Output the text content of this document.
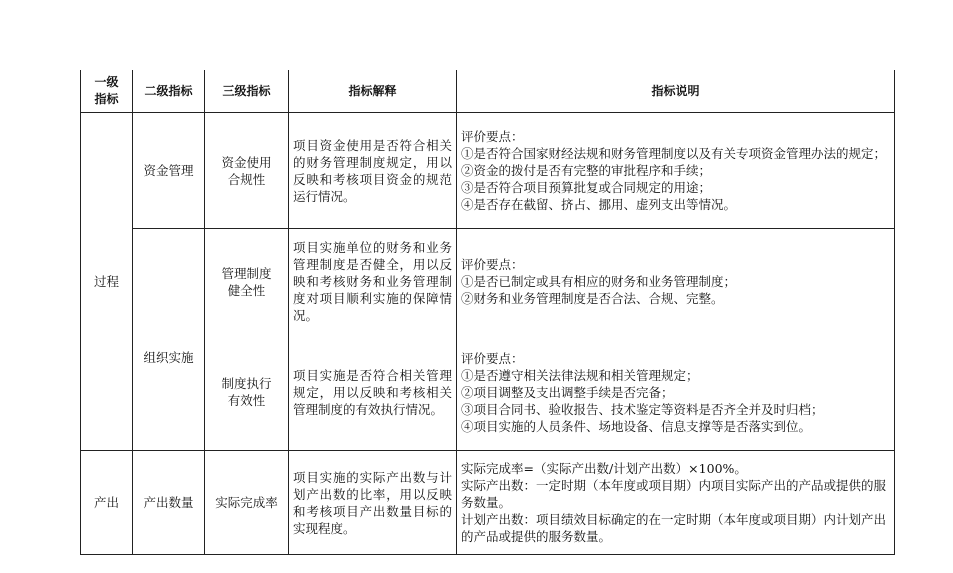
一级
指标	二级指标	三级指标	指标解释	指标说明
过程	资金管理	资金使用
合规性	项目资金使用是否符合相关的财务管理制度规定，用以反映和考核项目资金的规范运行情况。	评价要点：
①是否符合国家财经法规和财务管理制度以及有关专项资金管理办法的规定；
②资金的拨付是否有完整的审批程序和手续；
③是否符合项目预算批复或合同规定的用途；
④是否存在截留、挤占、挪用、虚列支出等情况。

	组织实施	管理制度
健全性	项目实施单位的财务和业务管理制度是否健全，用以反映和考核财务和业务管理制度对项目顺利实施的保障情况。	评价要点：
①是否已制定或具有相应的财务和业务管理制度；
②财务和业务管理制度是否合法、合规、完整。

		制度执行
有效性	项目实施是否符合相关管理规定，用以反映和考核相关管理制度的有效执行情况。	评价要点：
①是否遵守相关法律法规和相关管理规定；
②项目调整及支出调整手续是否完备；
③项目合同书、验收报告、技术鉴定等资料是否齐全并及时归档；
④项目实施的人员条件、场地设备、信息支撑等是否落实到位。

产出	产出数量	实际完成率	项目实施的实际产出数与计划产出数的比率，用以反映和考核项目产出数量目标的实现程度。	实际完成率=（实际产出数/计划产出数）×100%。
实际产出数：一定时期（本年度或项目期）内项目实际产出的产品或提供的服务数量。
计划产出数：项目绩效目标确定的在一定时期（本年度或项目期）内计划产出的产品或提供的服务数量。
